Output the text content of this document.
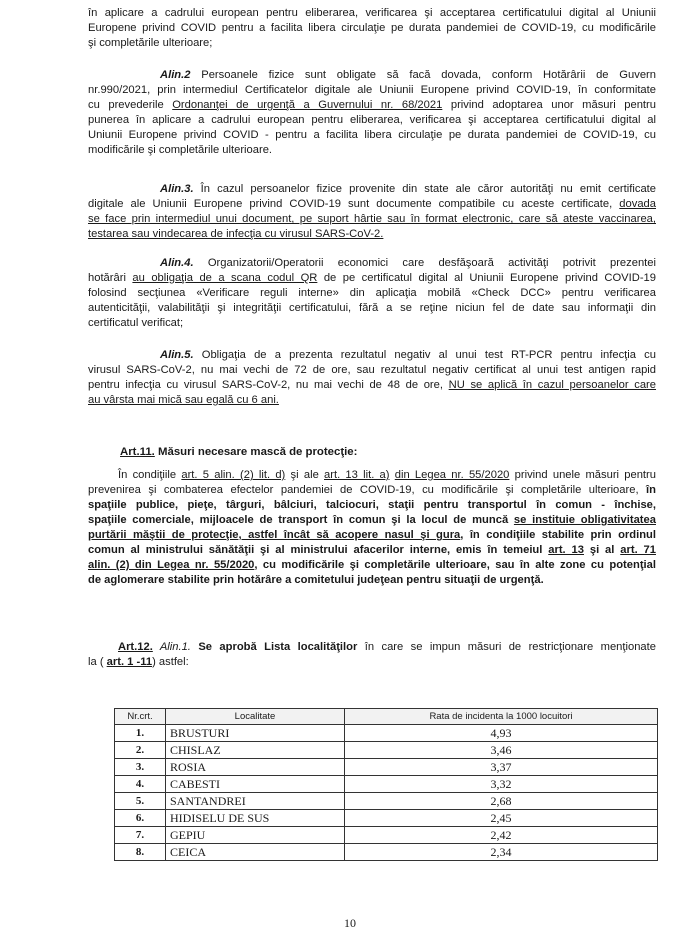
în aplicare a cadrului european pentru eliberarea, verificarea şi acceptarea certificatului digital al Uniunii
Europene privind COVID pentru a facilita libera circulaţie pe durata pandemiei de COVID-19, cu modificările
şi completările ulterioare;

Alin.2 Persoanele fizice sunt obligate să facă dovada, conform Hotărârii de Guvern
nr.990/2021, prin intermediul Certificatelor digitale ale Uniunii Europene privind COVID-19, în conformitate
cu prevederile Ordonanţei de urgenţă a Guvernului nr. 68/2021 privind adoptarea unor măsuri pentru
punerea în aplicare a cadrului european pentru eliberarea, verificarea şi acceptarea certificatului digital al
Uniunii Europene privind COVID - pentru a facilita libera circulaţie pe durata pandemiei de COVID-19, cu
modificările şi completările ulterioare.

Alin.3. În cazul persoanelor fizice provenite din state ale căror autorităţi nu emit certificate
digitale ale Uniunii Europene privind COVID-19 sunt documente compatibile cu aceste certificate, dovada
se face prin intermediul unui document, pe suport hârtie sau în format electronic, care să ateste vaccinarea,
testarea sau vindecarea de infecţia cu virusul SARS-CoV-2.

Alin.4. Organizatorii/Operatorii economici care desfăşoară activităţi potrivit prezentei
hotărâri au obligaţia de a scana codul QR de pe certificatul digital al Uniunii Europene privind COVID-19
folosind secţiunea «Verificare reguli interne» din aplicaţia mobilă «Check DCC» pentru verificarea
autenticităţii, valabilităţii şi integrităţii certificatului, fără a se reţine niciun fel de date sau informaţii din
certificatul verificat;

Alin.5. Obligaţia de a prezenta rezultatul negativ al unui test RT-PCR pentru infecţia cu
virusul SARS-CoV-2, nu mai vechi de 72 de ore, sau rezultatul negativ certificat al unui test antigen rapid
pentru infecţia cu virusul SARS-CoV-2, nu mai vechi de 48 de ore, NU se aplică în cazul persoanelor care
au vârsta mai mică sau egală cu 6 ani.

Art.11. Măsuri necesare mască de protecţie:

În condiţiile art. 5 alin. (2) lit. d) şi ale art. 13 lit. a) din Legea nr. 55/2020 privind unele măsuri pentru
prevenirea şi combaterea efectelor pandemiei de COVID-19, cu modificările şi completările ulterioare, în
spaţiile publice, pieţe, târguri, bâlciuri, talciocuri, staţii pentru transportul în comun - închise,
spaţiile comerciale, mijloacele de transport în comun şi la locul de muncă se instituie obligativitatea
purtării măştii de protecţie, astfel încât să acopere nasul şi gura, în condiţiile stabilite prin ordinul
comun al ministrului sănătăţii şi al ministrului afacerilor interne, emis în temeiul art. 13 şi al art. 71
alin. (2) din Legea nr. 55/2020, cu modificările şi completările ulterioare, sau în alte zone cu potenţial
de aglomerare stabilite prin hotărâre a comitetului judeţean pentru situaţii de urgenţă.

Art.12. Alin.1. Se aprobă Lista localităţilor în care se impun măsuri de restricţionare menţionate
la ( art. 1 -11) astfel:

Nr.crt.	Localitate	Rata de incidenta la 1000 locuitori
1.	BRUSTURI	4,93
2.	CHISLAZ	3,46
3.	ROSIA	3,37
4.	CABESTI	3,32
5.	SANTANDREI	2,68
6.	HIDISELU DE SUS	2,45
7.	GEPIU	2,42
8.	CEICA	2,34
10
